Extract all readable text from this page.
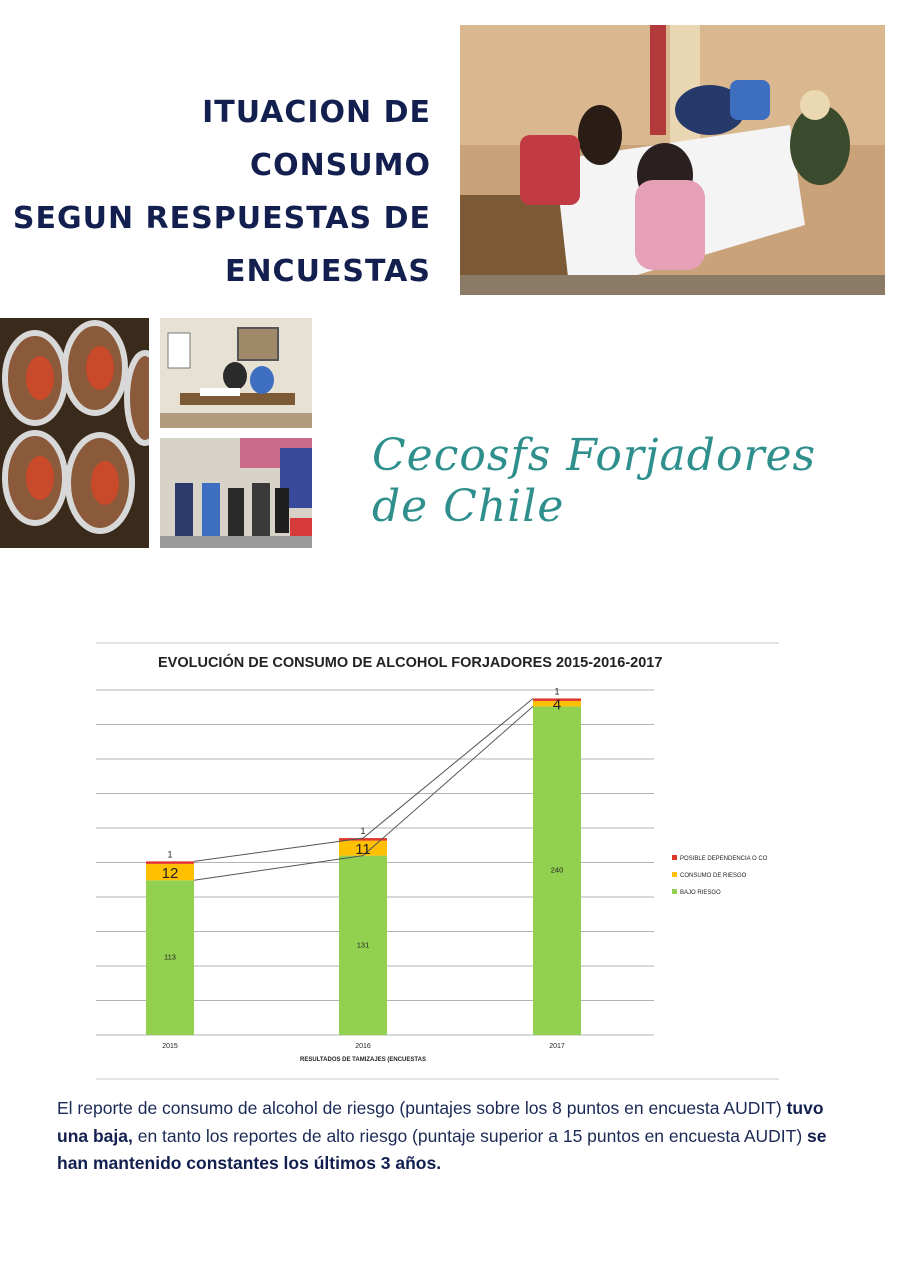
ITUACION DE CONSUMO
SEGUN RESPUESTAS DE
ENCUESTAS
Cecosfs Forjadores de Chile
EVOLUCIÓN DE CONSUMO DE ALCOHOL FORJADORES 2015-2016-2017
2015	2016	2017
113
12
1
131
11
1
240
4
1
POSIBLE DEPENDENCIA O CO
CONSUMO DE RIESGO
BAJO RIESGO
RESULTADOS DE TAMIZAJES (ENCUESTAS
El reporte de consumo de alcohol de riesgo (puntajes sobre los 8 puntos en encuesta AUDIT) tuvo una baja, en tanto los reportes de alto riesgo (puntaje superior a 15 puntos en encuesta AUDIT) se han mantenido constantes los últimos 3 años.
